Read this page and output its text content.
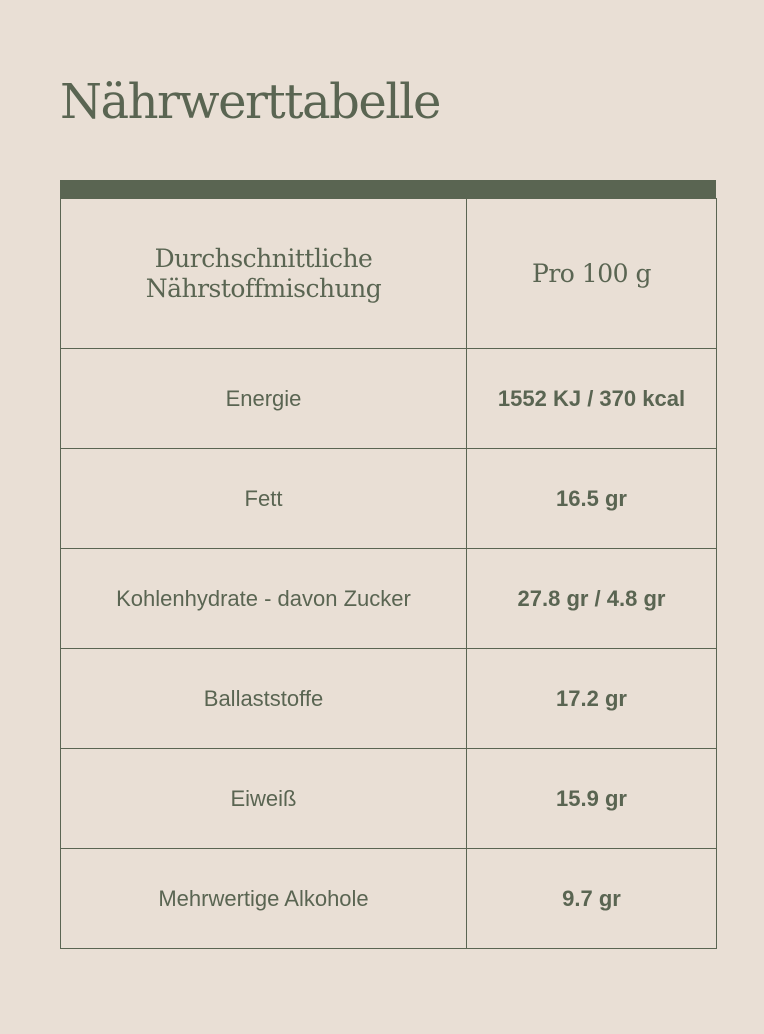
Nährwerttabelle
Durchschnittliche Nährstoffmischung	Pro 100 g
Energie	1552 KJ / 370 kcal
Fett	16.5 gr
Kohlenhydrate - davon Zucker	27.8 gr / 4.8 gr
Ballaststoffe	17.2 gr
Eiweiß	15.9 gr
Mehrwertige Alkohole	9.7 gr
